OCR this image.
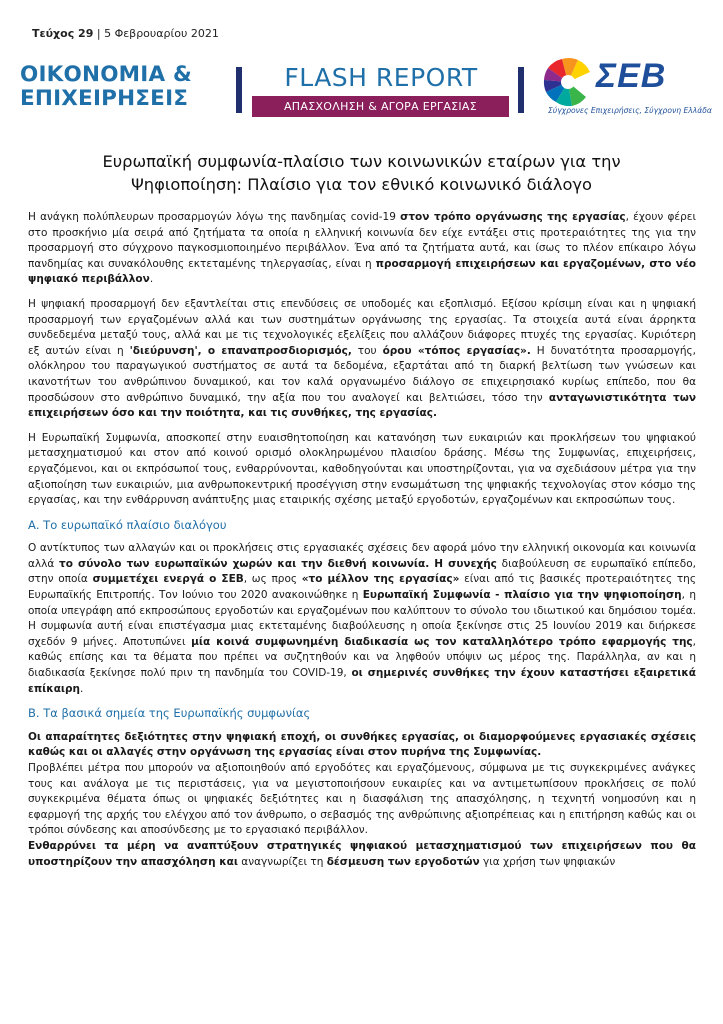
Τεύχος 29 | 5 Φεβρουαρίου 2021
ΟΙΚΟΝΟΜΙΑ &
ΕΠΙΧΕΙΡΗΣΕΙΣ
FLASH REPORT
ΑΠΑΣΧΟΛΗΣΗ & ΑΓΟΡΑ ΕΡΓΑΣΙΑΣ
ΣΕΒ
Σύγχρονες Επιχειρήσεις, Σύγχρονη Ελλάδα
Ευρωπαϊκή συμφωνία-πλαίσιο των κοινωνικών εταίρων για την
Ψηφιοποίηση: Πλαίσιο για τον εθνικό κοινωνικό διάλογο

Η ανάγκη πολύπλευρων προσαρμογών λόγω της πανδημίας covid-19 στον τρόπο οργάνωσης της εργασίας, έχουν φέρει στο προσκήνιο μία σειρά από ζητήματα τα οποία η ελληνική κοινωνία δεν είχε εντάξει στις προτεραιότητες της για την προσαρμογή στο σύγχρονο παγκοσμιοποιημένο περιβάλλον. Ένα από τα ζητήματα αυτά, και ίσως το πλέον επίκαιρο λόγω πανδημίας και συνακόλουθης εκτεταμένης τηλεργασίας, είναι η προσαρμογή επιχειρήσεων και εργαζομένων, στο νέο ψηφιακό περιβάλλον.

Η ψηφιακή προσαρμογή δεν εξαντλείται στις επενδύσεις σε υποδομές και εξοπλισμό. Εξίσου κρίσιμη είναι και η ψηφιακή προσαρμογή των εργαζομένων αλλά και των συστημάτων οργάνωσης της εργασίας. Τα στοιχεία αυτά είναι άρρηκτα συνδεδεμένα μεταξύ τους, αλλά και με τις τεχνολογικές εξελίξεις που αλλάζουν διάφορες πτυχές της εργασίας. Κυριότερη εξ αυτών είναι η 'διεύρυνση', ο επαναπροσδιορισμός, του όρου «τόπος εργασίας». Η δυνατότητα προσαρμογής, ολόκληρου του παραγωγικού συστήματος σε αυτά τα δεδομένα, εξαρτάται από τη διαρκή βελτίωση των γνώσεων και ικανοτήτων του ανθρώπινου δυναμικού, και τον καλά οργανωμένο διάλογο σε επιχειρησιακό κυρίως επίπεδο, που θα προσδώσουν στο ανθρώπινο δυναμικό, την αξία που του αναλογεί και βελτιώσει, τόσο την ανταγωνιστικότητα των επιχειρήσεων όσο και την ποιότητα, και τις συνθήκες, της εργασίας.

Η Ευρωπαϊκή Συμφωνία, αποσκοπεί στην ευαισθητοποίηση και κατανόηση των ευκαιριών και προκλήσεων του ψηφιακού μετασχηματισμού και στον από κοινού ορισμό ολοκληρωμένου πλαισίου δράσης. Μέσω της Συμφωνίας, επιχειρήσεις, εργαζόμενοι, και οι εκπρόσωποί τους, ενθαρρύνονται, καθοδηγούνται και υποστηρίζονται, για να σχεδιάσουν μέτρα για την αξιοποίηση των ευκαιριών, μια ανθρωποκεντρική προσέγγιση στην ενσωμάτωση της ψηφιακής τεχνολογίας στον κόσμο της εργασίας, και την ενθάρρυνση ανάπτυξης μιας εταιρικής σχέσης μεταξύ εργοδοτών, εργαζομένων και εκπροσώπων τους.

Α. Το ευρωπαϊκό πλαίσιο διαλόγου

Ο αντίκτυπος των αλλαγών και οι προκλήσεις στις εργασιακές σχέσεις δεν αφορά μόνο την ελληνική οικονομία και κοινωνία αλλά το σύνολο των ευρωπαϊκών χωρών και την διεθνή κοινωνία. Η συνεχής διαβούλευση σε ευρωπαϊκό επίπεδο, στην οποία συμμετέχει ενεργά ο ΣΕΒ, ως προς «το μέλλον της εργασίας» είναι από τις βασικές προτεραιότητες της Ευρωπαϊκής Επιτροπής. Τον Ιούνιο του 2020 ανακοινώθηκε η Ευρωπαϊκή Συμφωνία - πλαίσιο για την ψηφιοποίηση, η οποία υπεγράφη από εκπροσώπους εργοδοτών και εργαζομένων που καλύπτουν το σύνολο του ιδιωτικού και δημόσιου τομέα. Η συμφωνία αυτή είναι επιστέγασμα μιας εκτεταμένης διαβούλευσης η οποία ξεκίνησε στις 25 Ιουνίου 2019 και διήρκεσε σχεδόν 9 μήνες. Αποτυπώνει μία κοινά συμφωνημένη διαδικασία ως τον καταλληλότερο τρόπο εφαρμογής της, καθώς επίσης και τα θέματα που πρέπει να συζητηθούν και να ληφθούν υπόψιν ως μέρος της. Παράλληλα, αν και η διαδικασία ξεκίνησε πολύ πριν τη πανδημία του COVID-19, οι σημερινές συνθήκες την έχουν καταστήσει εξαιρετικά επίκαιρη.

Β. Τα βασικά σημεία της Ευρωπαϊκής συμφωνίας

Οι απαραίτητες δεξιότητες στην ψηφιακή εποχή, οι συνθήκες εργασίας, οι διαμορφούμενες εργασιακές σχέσεις καθώς και οι αλλαγές στην οργάνωση της εργασίας είναι στον πυρήνα της Συμφωνίας.

Προβλέπει μέτρα που μπορούν να αξιοποιηθούν από εργοδότες και εργαζόμενους, σύμφωνα με τις συγκεκριμένες ανάγκες τους και ανάλογα με τις περιστάσεις, για να μεγιστοποιήσουν ευκαιρίες και να αντιμετωπίσουν προκλήσεις σε πολύ συγκεκριμένα θέματα όπως οι ψηφιακές δεξιότητες και η διασφάλιση της απασχόλησης, η τεχνητή νοημοσύνη και η εφαρμογή της αρχής του ελέγχου από τον άνθρωπο, ο σεβασμός της ανθρώπινης αξιοπρέπειας και η επιτήρηση καθώς και οι τρόποι σύνδεσης και αποσύνδεσης με το εργασιακό περιβάλλον.

Ενθαρρύνει τα μέρη να αναπτύξουν στρατηγικές ψηφιακού μετασχηματισμού των επιχειρήσεων που θα υποστηρίζουν την απασχόληση και αναγνωρίζει τη δέσμευση των εργοδοτών για χρήση των ψηφιακών
